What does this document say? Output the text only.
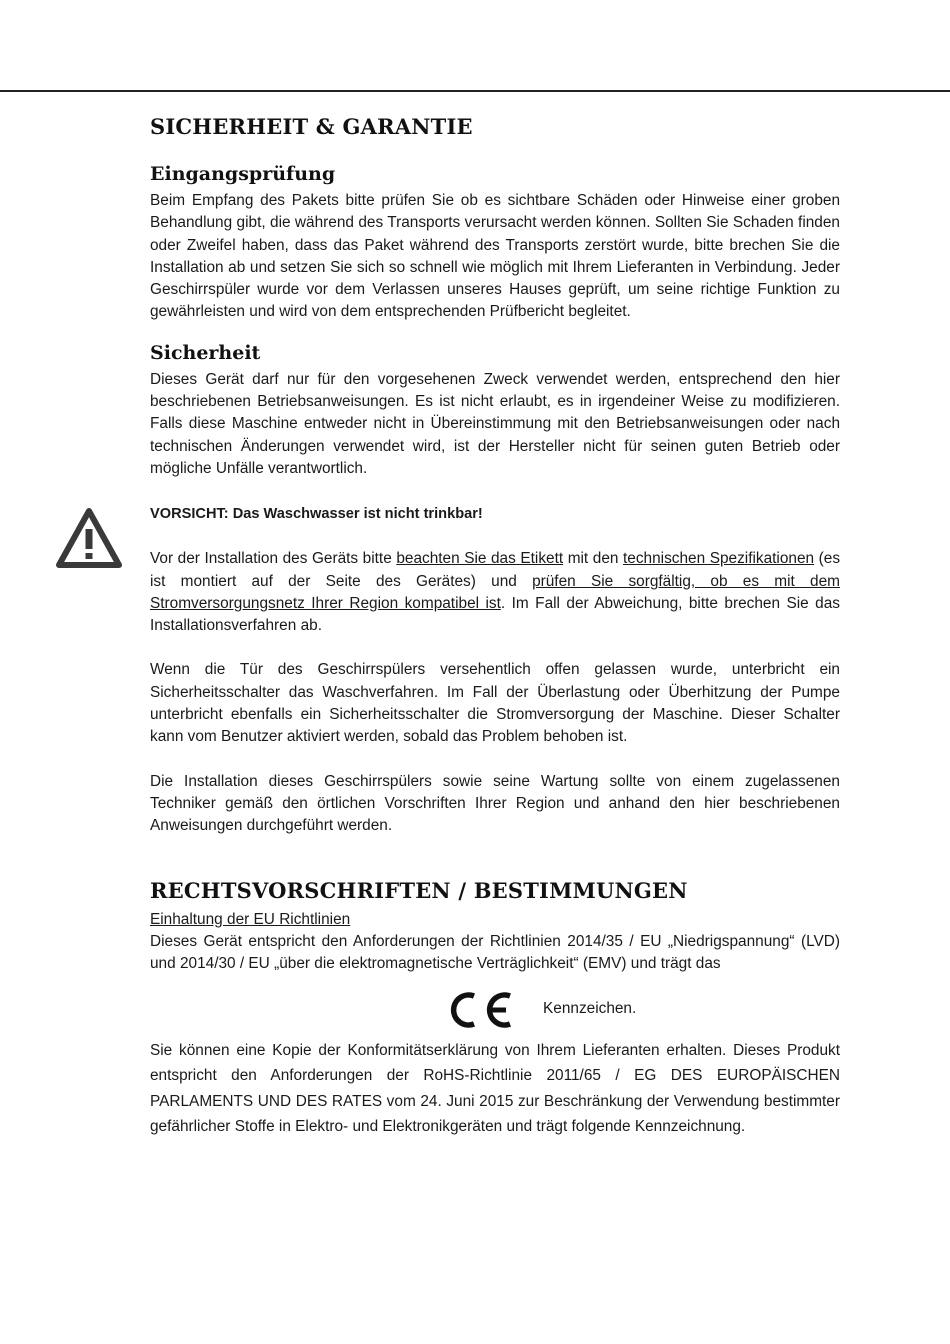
SICHERHEIT & GARANTIE
Eingangsprüfung

Beim Empfang des Pakets bitte prüfen Sie ob es sichtbare Schäden oder Hinweise einer groben Behandlung gibt, die während des Transports verursacht werden können. Sollten Sie Schaden finden oder Zweifel haben, dass das Paket während des Transports zerstört wurde, bitte brechen Sie die Installation ab und setzen Sie sich so schnell wie möglich mit Ihrem Lieferanten in Verbindung. Jeder Geschirrspüler wurde vor dem Verlassen unseres Hauses geprüft, um seine richtige Funktion zu gewährleisten und wird von dem entsprechenden Prüfbericht begleitet.

Sicherheit

Dieses Gerät darf nur für den vorgesehenen Zweck verwendet werden, entsprechend den hier beschriebenen Betriebsanweisungen. Es ist nicht erlaubt, es in irgendeiner Weise zu modifizieren. Falls diese Maschine entweder nicht in Übereinstimmung mit den Betriebsanweisungen oder nach technischen Änderungen verwendet wird, ist der Hersteller nicht für seinen guten Betrieb oder mögliche Unfälle verantwortlich.

VORSICHT: Das Waschwasser ist nicht trinkbar!

Vor der Installation des Geräts bitte beachten Sie das Etikett mit den technischen Spezifikationen (es ist montiert auf der Seite des Gerätes) und prüfen Sie sorgfältig, ob es mit dem Stromversorgungsnetz Ihrer Region kompatibel ist. Im Fall der Abweichung, bitte brechen Sie das Installationsverfahren ab.

Wenn die Tür des Geschirrspülers versehentlich offen gelassen wurde, unterbricht ein Sicherheitsschalter das Waschverfahren. Im Fall der Überlastung oder Überhitzung der Pumpe unterbricht ebenfalls ein Sicherheitsschalter die Stromversorgung der Maschine. Dieser Schalter kann vom Benutzer aktiviert werden, sobald das Problem behoben ist.

Die Installation dieses Geschirrspülers sowie seine Wartung sollte von einem zugelassenen Techniker gemäß den örtlichen Vorschriften Ihrer Region und anhand den hier beschriebenen Anweisungen durchgeführt werden.

RECHTSVORSCHRIFTEN / BESTIMMUNGEN
Einhaltung der EU Richtlinien

Dieses Gerät entspricht den Anforderungen der Richtlinien 2014/35 / EU „Niedrigspannung“ (LVD) und 2014/30 / EU „über die elektromagnetische Verträglichkeit“ (EMV) und trägt das

Kennzeichen.

Sie können eine Kopie der Konformitätserklärung von Ihrem Lieferanten erhalten. Dieses Produkt entspricht den Anforderungen der RoHS-Richtlinie 2011/65 / EG DES EUROPÄISCHEN PARLAMENTS UND DES RATES vom 24. Juni 2015 zur Beschränkung der Verwendung bestimmter gefährlicher Stoffe in Elektro- und Elektronikgeräten und trägt folgende Kennzeichnung.
